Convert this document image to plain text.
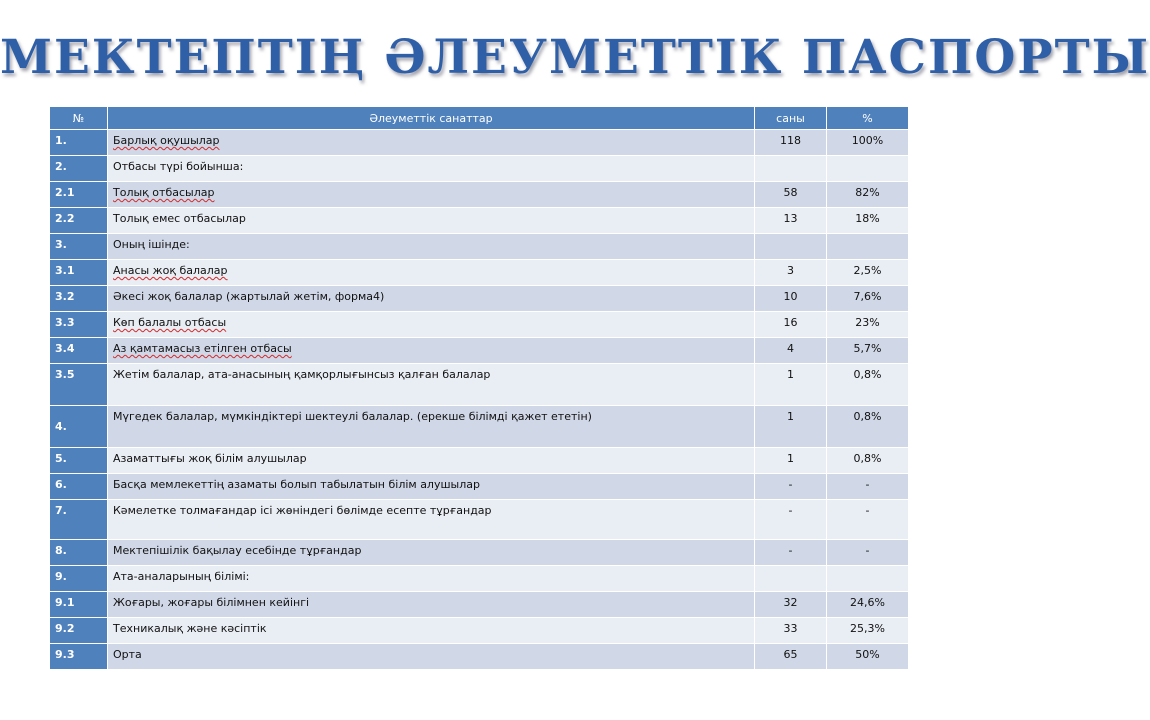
МЕКТЕПТІҢ ӘЛЕУМЕТТІК ПАСПОРТЫ
№	Әлеуметтік санаттар	саны	%
1.	Барлық оқушылар	118	100%
2.	Отбасы түрі бойынша:		
2.1	Толық отбасылар	58	82%
2.2	Толық емес отбасылар	13	18%
3.	Оның ішінде:		
3.1	Анасы жоқ балалар	3	2,5%
3.2	Әкесі жоқ балалар (жартылай жетім, форма4)	10	7,6%
3.3	Көп балалы отбасы	16	23%
3.4	Аз қамтамасыз етілген отбасы	4	5,7%
3.5	Жетім балалар, ата-анасының қамқорлығынсыз қалған балалар	1	0,8%
4.	Мүгедек балалар, мүмкіндіктері шектеулі балалар. (ерекше білімді қажет ететін)	1	0,8%
5.	Азаматтығы жоқ білім алушылар	1	0,8%
6.	Басқа мемлекеттің азаматы болып табылатын білім алушылар	-	-
7.	Кәмелетке толмағандар ісі жөніндегі бөлімде есепте тұрғандар	-	-
8.	Мектепішілік бақылау есебінде тұрғандар	-	-
9.	Ата-аналарының білімі:		
9.1	Жоғары, жоғары білімнен кейінгі	32	24,6%
9.2	Техникалық және кәсіптік	33	25,3%
9.3	Орта	65	50%
